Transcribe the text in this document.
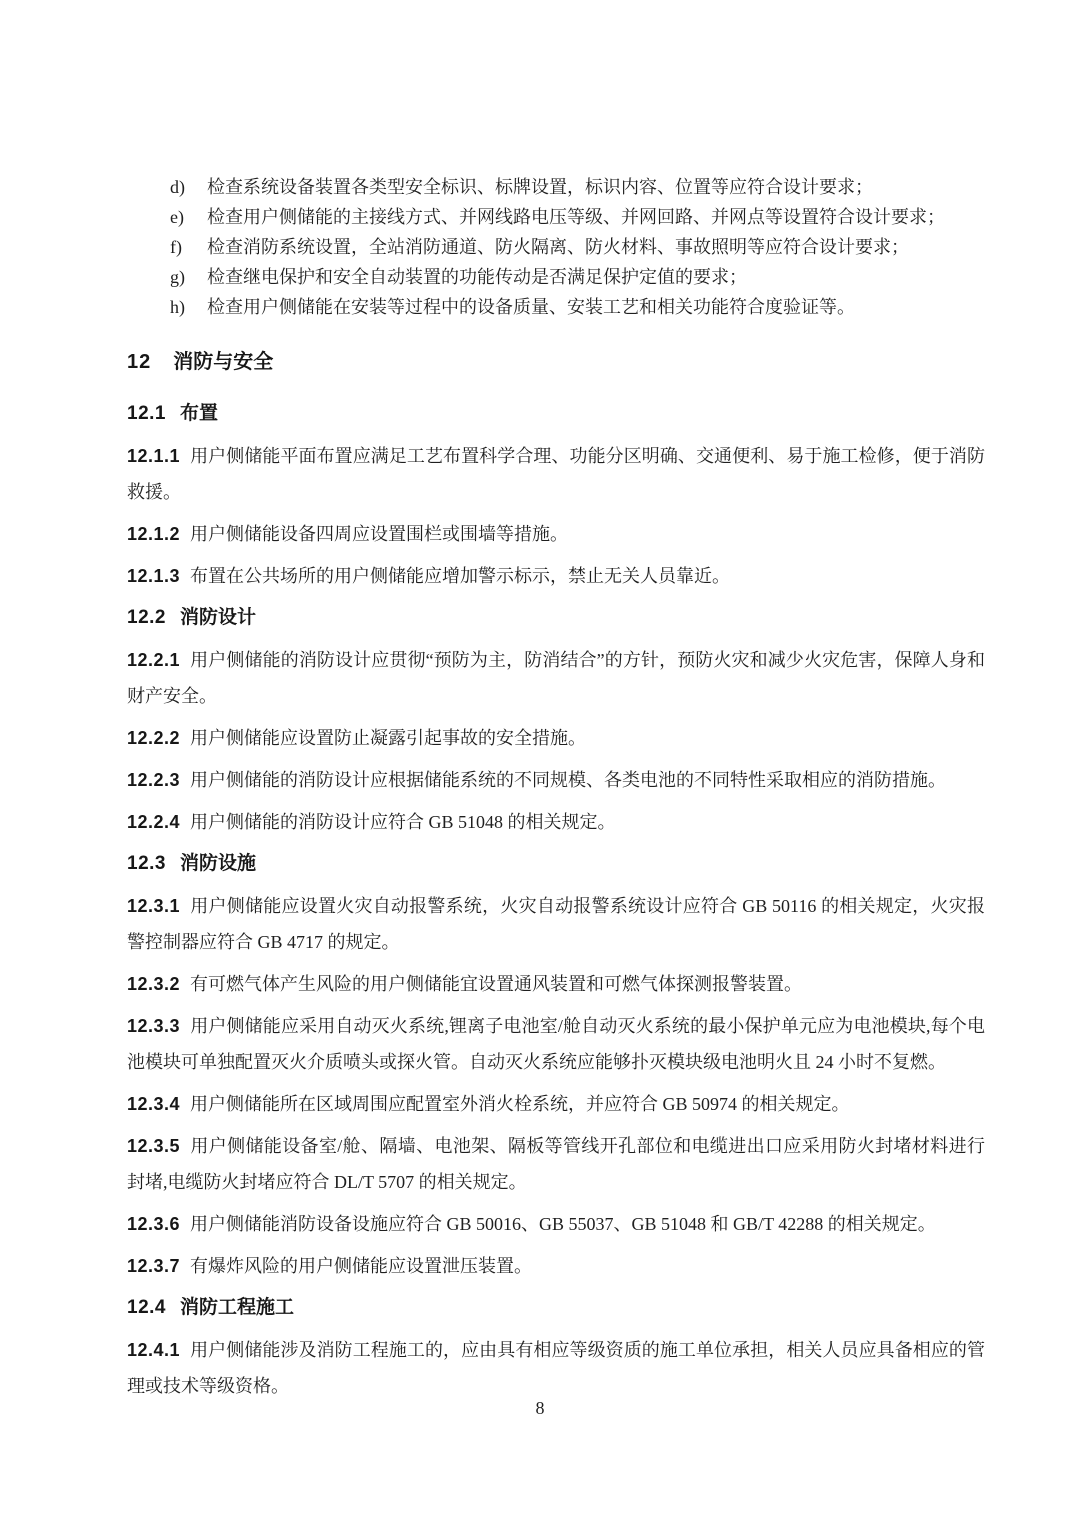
d)	检查系统设备装置各类型安全标识、标牌设置，标识内容、位置等应符合设计要求；
e)	检查用户侧储能的主接线方式、并网线路电压等级、并网回路、并网点等设置符合设计要求；
f)	检查消防系统设置，全站消防通道、防火隔离、防火材料、事故照明等应符合设计要求；
g)	检查继电保护和安全自动装置的功能传动是否满足保护定值的要求；
h)	检查用户侧储能在安装等过程中的设备质量、安装工艺和相关功能符合度验证等。
12 消防与安全
12.1 布置

12.1.1 用户侧储能平面布置应满足工艺布置科学合理、功能分区明确、交通便利、易于施工检修，便于消防救援。

12.1.2 用户侧储能设备四周应设置围栏或围墙等措施。

12.1.3 布置在公共场所的用户侧储能应增加警示标示，禁止无关人员靠近。

12.2 消防设计

12.2.1 用户侧储能的消防设计应贯彻“预防为主，防消结合”的方针，预防火灾和减少火灾危害，保障人身和财产安全。

12.2.2 用户侧储能应设置防止凝露引起事故的安全措施。

12.2.3 用户侧储能的消防设计应根据储能系统的不同规模、各类电池的不同特性采取相应的消防措施。

12.2.4 用户侧储能的消防设计应符合 GB 51048 的相关规定。

12.3 消防设施

12.3.1 用户侧储能应设置火灾自动报警系统，火灾自动报警系统设计应符合 GB 50116 的相关规定，火灾报警控制器应符合 GB 4717 的规定。

12.3.2 有可燃气体产生风险的用户侧储能宜设置通风装置和可燃气体探测报警装置。

12.3.3 用户侧储能应采用自动灭火系统,锂离子电池室/舱自动灭火系统的最小保护单元应为电池模块,每个电池模块可单独配置灭火介质喷头或探火管。自动灭火系统应能够扑灭模块级电池明火且 24 小时不复燃。

12.3.4 用户侧储能所在区域周围应配置室外消火栓系统，并应符合 GB 50974 的相关规定。

12.3.5 用户侧储能设备室/舱、隔墙、电池架、隔板等管线开孔部位和电缆进出口应采用防火封堵材料进行封堵,电缆防火封堵应符合 DL/T 5707 的相关规定。

12.3.6 用户侧储能消防设备设施应符合 GB 50016、GB 55037、GB 51048 和 GB/T 42288 的相关规定。

12.3.7 有爆炸风险的用户侧储能应设置泄压装置。

12.4 消防工程施工

12.4.1 用户侧储能涉及消防工程施工的，应由具有相应等级资质的施工单位承担，相关人员应具备相应的管理或技术等级资格。

8
